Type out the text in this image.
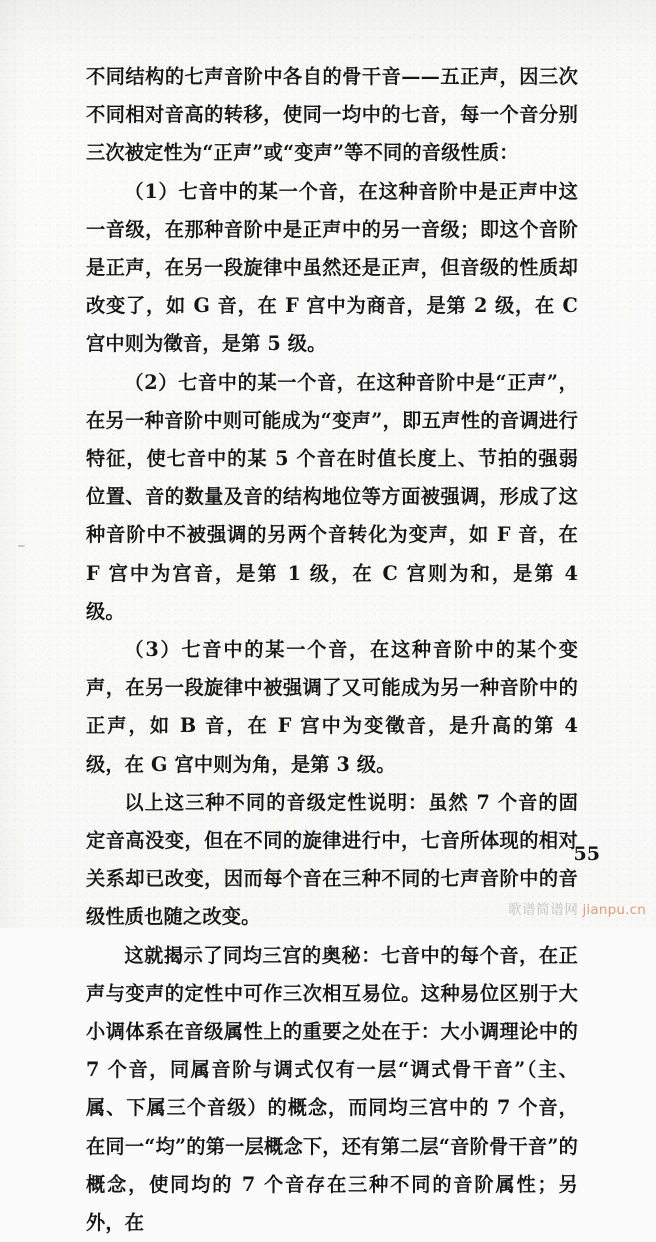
不同结构的七声音阶中各自的骨干音——五正声，因三次不同相对音高的转移，使同一均中的七音，每一个音分别三次被定性为“正声”或“变声”等不同的音级性质：

（1）七音中的某一个音，在这种音阶中是正声中这一音级，在那种音阶中是正声中的另一音级；即这个音阶是正声，在另一段旋律中虽然还是正声，但音级的性质却改变了，如 G 音，在 F 宫中为商音，是第 2 级，在 C 宫中则为徵音，是第 5 级。

（2）七音中的某一个音，在这种音阶中是“正声”，在另一种音阶中则可能成为“变声”，即五声性的音调进行特征，使七音中的某 5 个音在时值长度上、节拍的强弱位置、音的数量及音的结构地位等方面被强调，形成了这种音阶中不被强调的另两个音转化为变声，如 F 音，在 F 宫中为宫音，是第 1 级，在 C 宫则为和，是第 4 级。

（3）七音中的某一个音，在这种音阶中的某个变声，在另一段旋律中被强调了又可能成为另一种音阶中的正声，如 B 音，在 F 宫中为变徵音，是升高的第 4 级，在 G 宫中则为角，是第 3 级。

以上这三种不同的音级定性说明：虽然 7 个音的固定音高没变，但在不同的旋律进行中，七音所体现的相对关系却已改变，因而每个音在三种不同的七声音阶中的音级性质也随之改变。

这就揭示了同均三宫的奥秘：七音中的每个音，在正声与变声的定性中可作三次相互易位。这种易位区别于大小调体系在音级属性上的重要之处在于：大小调理论中的 7 个音，同属音阶与调式仅有一层“调式骨干音”（主、属、下属三个音级）的概念，而同均三宫中的 7 个音，在同一“均”的第一层概念下，还有第二层“音阶骨干音”的概念，使同均的 7 个音存在三种不同的音阶属性；另外，在

55
歌谱简谱网 jianpu.cn
